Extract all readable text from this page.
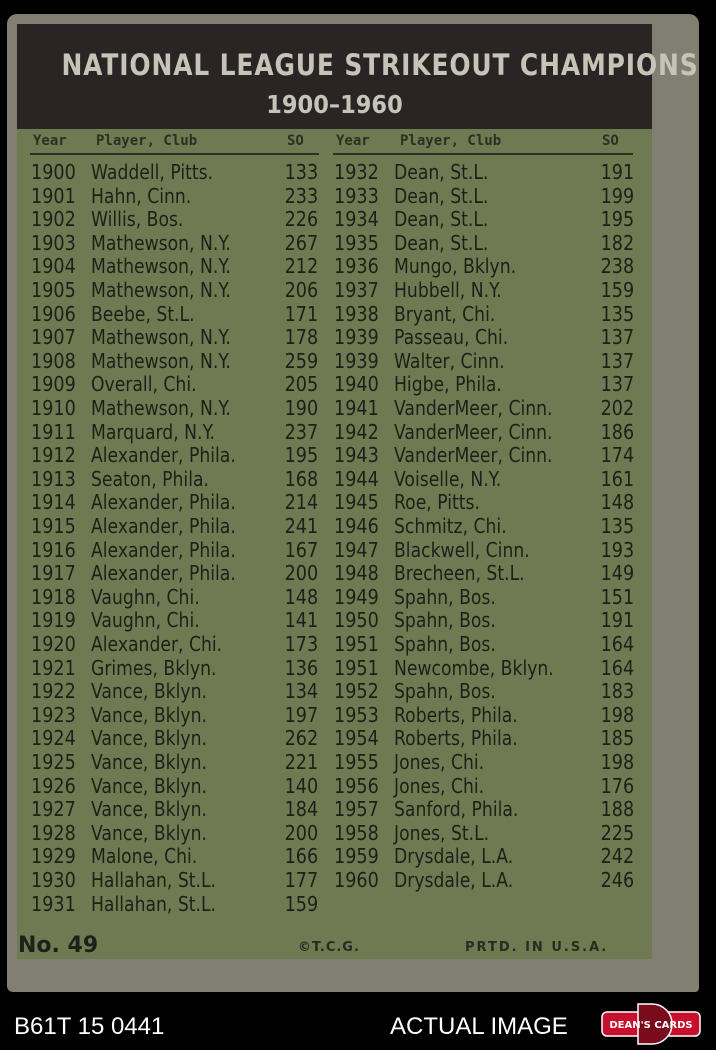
NATIONAL LEAGUE STRIKEOUT CHAMPIONS
1900–1960
Year Player, Club	SO Year Player, Club	SO
1900 Waddell, Pitts.	133
1901 Hahn, Cinn.	233
1902 Willis, Bos.	226
1903 Mathewson, N.Y.	267
1904 Mathewson, N.Y.	212
1905 Mathewson, N.Y.	206
1906 Beebe, St.L.	171
1907 Mathewson, N.Y.	178
1908 Mathewson, N.Y.	259
1909 Overall, Chi.	205
1910 Mathewson, N.Y.	190
1911 Marquard, N.Y.	237
1912 Alexander, Phila. 195
1913 Seaton, Phila.	168
1914 Alexander, Phila. 214
1915 Alexander, Phila. 241
1916 Alexander, Phila. 167
1917 Alexander, Phila. 200
1918 Vaughn, Chi.	148
1919 Vaughn, Chi.	141
1920 Alexander, Chi.	173
1921 Grimes, Bklyn.	136
1922 Vance, Bklyn.	134
1923 Vance, Bklyn.	197
1924 Vance, Bklyn.	262
1925 Vance, Bklyn.	221
1926 Vance, Bklyn.	140
1927 Vance, Bklyn.	184
1928 Vance, Bklyn.	200
1929 Malone, Chi.	166
1930 Hallahan, St.L.	177
1931 Hallahan, St.L.	159
1932 Dean, St.L.	191
1933 Dean, St.L.	199
1934 Dean, St.L.	195
1935 Dean, St.L.	182
1936 Mungo, Bklyn.	238
1937 Hubbell, N.Y.	159
1938 Bryant, Chi.	135
1939 Passeau, Chi.	137
1939 Walter, Cinn.	137
1940 Higbe, Phila.	137
1941 VanderMeer, Cinn. 202
1942 VanderMeer, Cinn. 186
1943 VanderMeer, Cinn. 174
1944 Voiselle, N.Y.	161
1945 Roe, Pitts.	148
1946 Schmitz, Chi.	135
1947 Blackwell, Cinn.	193
1948 Brecheen, St.L.	149
1949 Spahn, Bos.	151
1950 Spahn, Bos.	191
1951 Spahn, Bos.	164
1951 Newcombe, Bklyn. 164
1952 Spahn, Bos.	183
1953 Roberts, Phila.	198
1954 Roberts, Phila.	185
1955 Jones, Chi.	198
1956 Jones, Chi.	176
1957 Sanford, Phila.	188
1958 Jones, St.L.	225
1959 Drysdale, L.A.	242
1960 Drysdale, L.A.	246
No. 49	©T.C.G.	PRTD. IN U.S.A.
B61T 15 0441	ACTUAL IMAGE	DEAN'S CARDS
